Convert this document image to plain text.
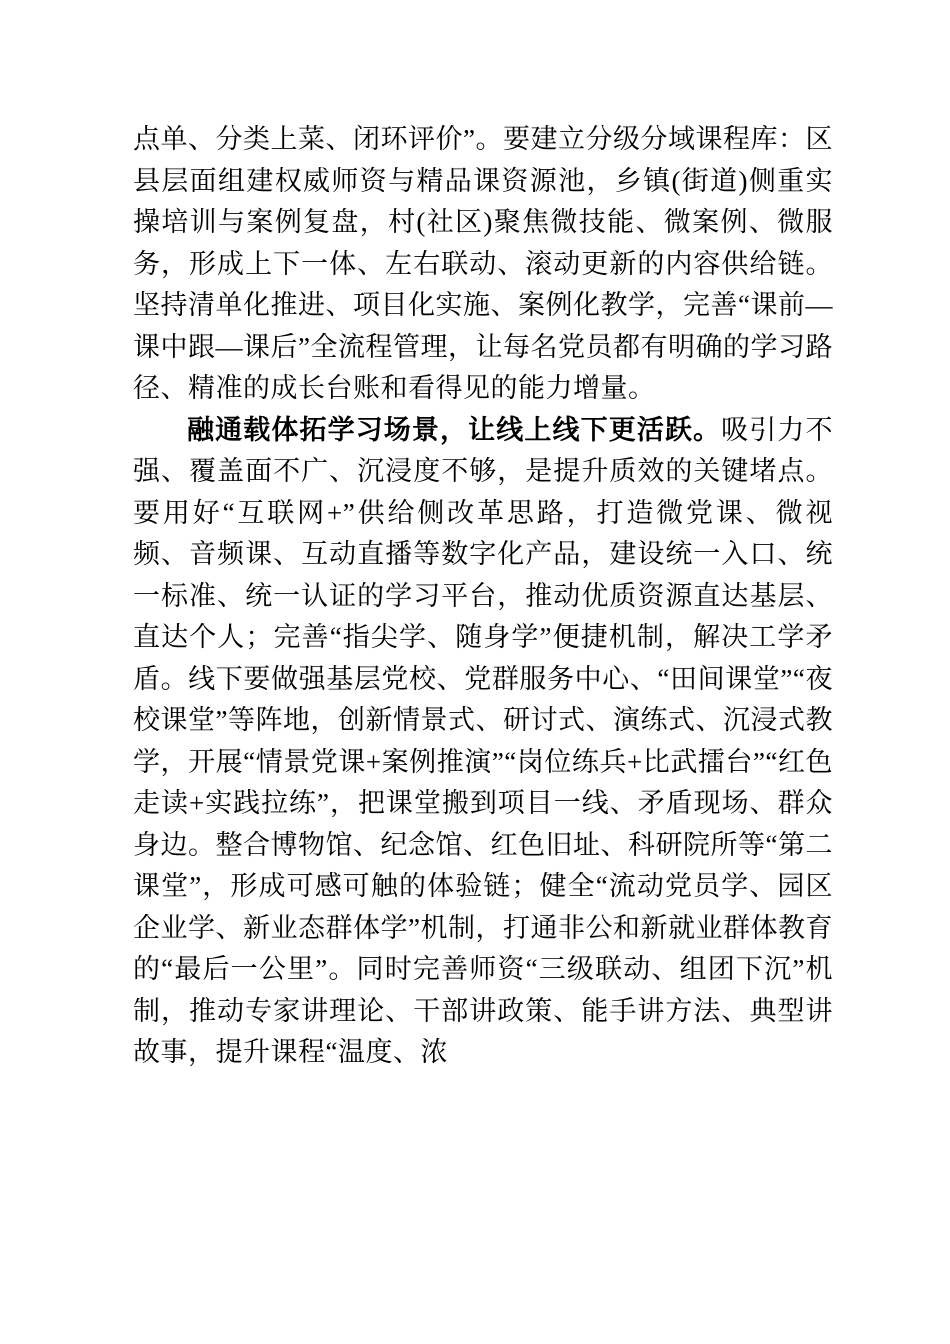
点单、分类上菜、闭环评价”。要建立分级分域课程库：区县层面组建权威师资与精品课资源池，乡镇(街道)侧重实操培训与案例复盘，村(社区)聚焦微技能、微案例、微服务，形成上下一体、左右联动、滚动更新的内容供给链。坚持清单化推进、项目化实施、案例化教学，完善“课前—课中跟—课后”全流程管理，让每名党员都有明确的学习路径、精准的成长台账和看得见的能力增量。

融通载体拓学习场景，让线上线下更活跃。吸引力不强、覆盖面不广、沉浸度不够，是提升质效的关键堵点。要用好“互联网+”供给侧改革思路，打造微党课、微视频、音频课、互动直播等数字化产品，建设统一入口、统一标准、统一认证的学习平台，推动优质资源直达基层、直达个人；完善“指尖学、随身学”便捷机制，解决工学矛盾。线下要做强基层党校、党群服务中心、“田间课堂”“夜校课堂”等阵地，创新情景式、研讨式、演练式、沉浸式教学，开展“情景党课+案例推演”“岗位练兵+比武擂台”“红色走读+实践拉练”，把课堂搬到项目一线、矛盾现场、群众身边。整合博物馆、纪念馆、红色旧址、科研院所等“第二课堂”，形成可感可触的体验链；健全“流动党员学、园区企业学、新业态群体学”机制，打通非公和新就业群体教育的“最后一公里”。同时完善师资“三级联动、组团下沉”机制，推动专家讲理论、干部讲政策、能手讲方法、典型讲故事，提升课程“温度、浓
